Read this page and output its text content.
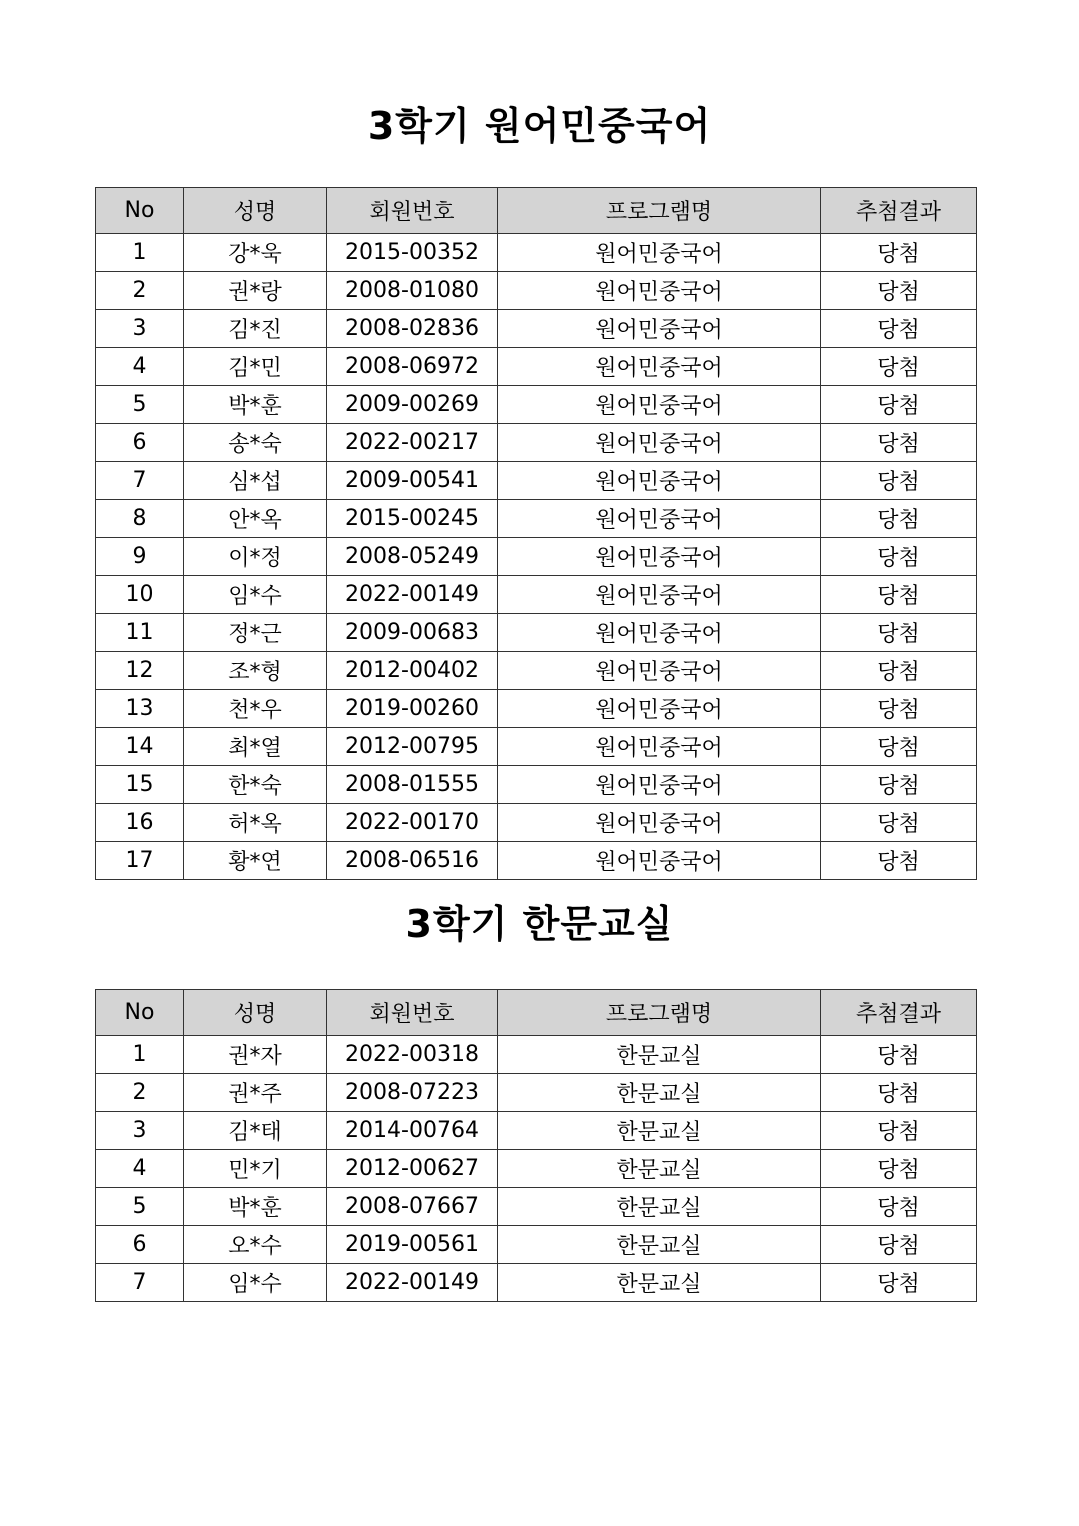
3학기 원어민중국어
No	성명	회원번호	프로그램명	추첨결과
1	강*욱	2015-00352	원어민중국어	당첨
2	권*랑	2008-01080	원어민중국어	당첨
3	김*진	2008-02836	원어민중국어	당첨
4	김*민	2008-06972	원어민중국어	당첨
5	박*훈	2009-00269	원어민중국어	당첨
6	송*숙	2022-00217	원어민중국어	당첨
7	심*섭	2009-00541	원어민중국어	당첨
8	안*옥	2015-00245	원어민중국어	당첨
9	이*정	2008-05249	원어민중국어	당첨
10	임*수	2022-00149	원어민중국어	당첨
11	정*근	2009-00683	원어민중국어	당첨
12	조*형	2012-00402	원어민중국어	당첨
13	천*우	2019-00260	원어민중국어	당첨
14	최*열	2012-00795	원어민중국어	당첨
15	한*숙	2008-01555	원어민중국어	당첨
16	허*옥	2022-00170	원어민중국어	당첨
17	황*연	2008-06516	원어민중국어	당첨
3학기 한문교실
No	성명	회원번호	프로그램명	추첨결과
1	권*자	2022-00318	한문교실	당첨
2	권*주	2008-07223	한문교실	당첨
3	김*태	2014-00764	한문교실	당첨
4	민*기	2012-00627	한문교실	당첨
5	박*훈	2008-07667	한문교실	당첨
6	오*수	2019-00561	한문교실	당첨
7	임*수	2022-00149	한문교실	당첨
